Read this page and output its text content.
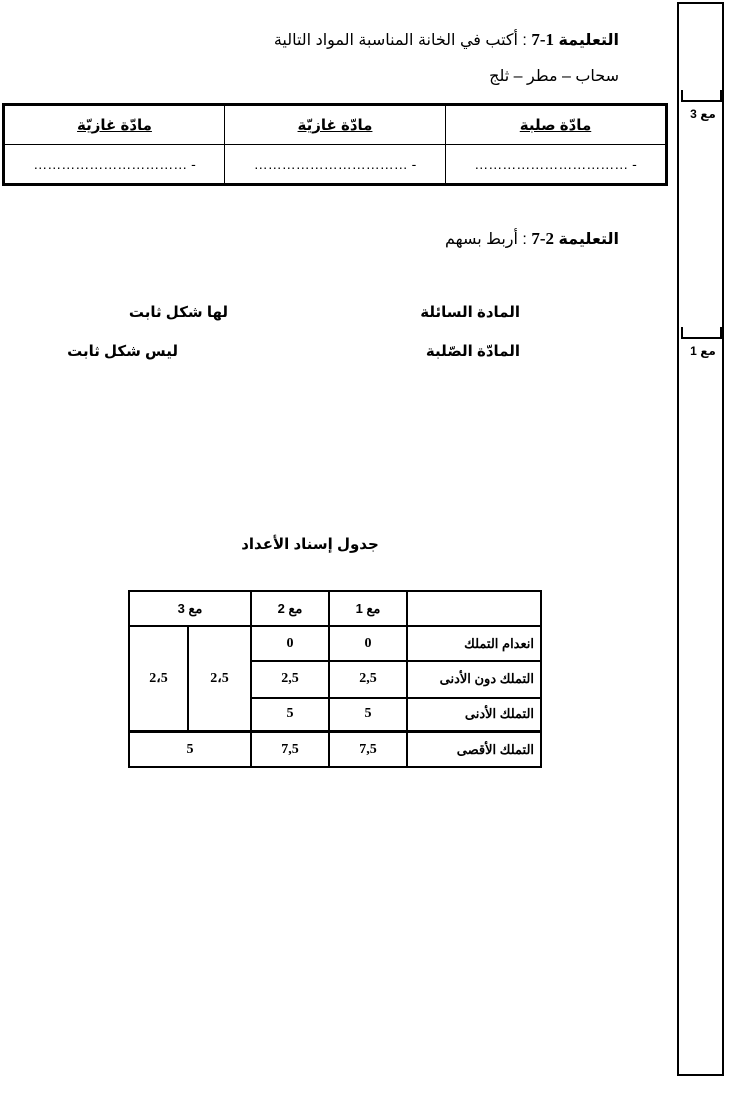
مع 3
مع 1
التعليمة 1-7 : أكتب في الخانة المناسبة المواد التالية
سحاب – مطر – ثلج
مادّة صلبة	مادّة غازيّة	مادّة غازيّة
- ……………………………	- ……………………………	- ……………………………
التعليمة 2-7 : أربط بسهم
المادة السائلة
المادّة الصّلبة
لها شكل ثابت
ليس شكل ثابت
جدول إسناد الأعداد
	مع 1	مع 2	مع 3	
انعدام التملك	0	0	2،5	2،5
التملك دون الأدنى	2,5	2,5		
التملك الأدنى	5	5		
التملك الأقصى	7,5	7,5	5	
